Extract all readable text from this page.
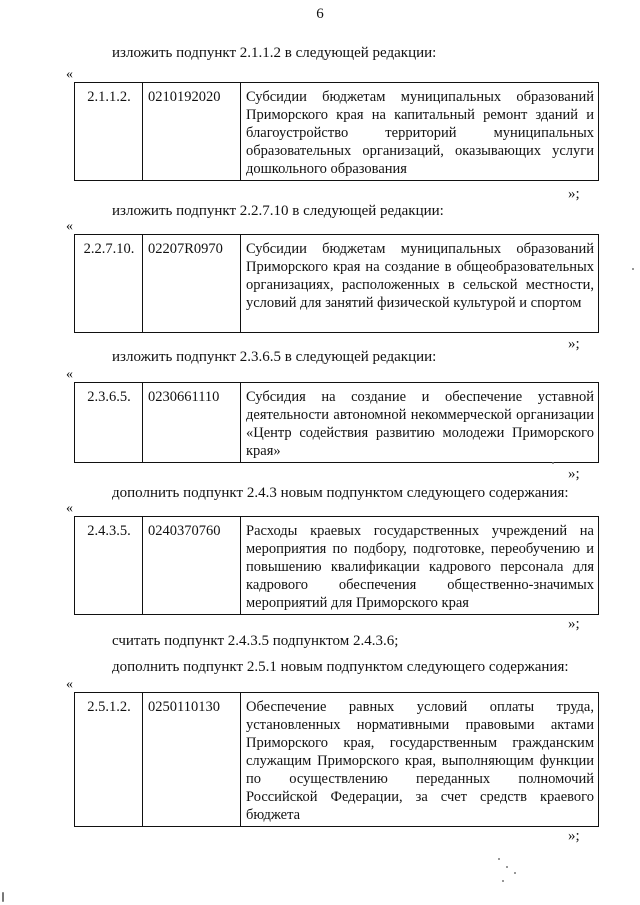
6
изложить подпункт 2.1.1.2 в следующей редакции:
«
2.1.1.2.	0210192020	Субсидии бюджетам муниципальных образований Приморского края на капитальный ремонт зданий и благоустройство территорий муниципальных образовательных организаций, оказывающих услуги дошкольного образования
»;
изложить подпункт 2.2.7.10 в следующей редакции:
«
2.2.7.10.	02207R0970	Субсидии бюджетам муниципальных образований Приморского края на создание в общеобразовательных организациях, расположенных в сельской местности, условий для занятий физической культурой и спортом
»;
изложить подпункт 2.3.6.5 в следующей редакции:
«
2.3.6.5.	0230661110	Субсидия на создание и обеспечение уставной деятельности автономной некоммерческой организации «Центр содействия развитию молодежи Приморского края»
»;
дополнить подпункт 2.4.3 новым подпунктом следующего содержания:
«
2.4.3.5.	0240370760	Расходы краевых государственных учреждений на мероприятия по подбору, подготовке, переобучению и повышению квалификации кадрового персонала для кадрового обеспечения общественно-значимых мероприятий для Приморского края
»;
считать подпункт 2.4.3.5 подпунктом 2.4.3.6;
дополнить подпункт 2.5.1 новым подпунктом следующего содержания:
«
2.5.1.2.	0250110130	Обеспечение равных условий оплаты труда, установленных нормативными правовыми актами Приморского края, государственным гражданским служащим Приморского края, выполняющим функции по осуществлению переданных полномочий Российской Федерации, за счет средств краевого бюджета
»;
